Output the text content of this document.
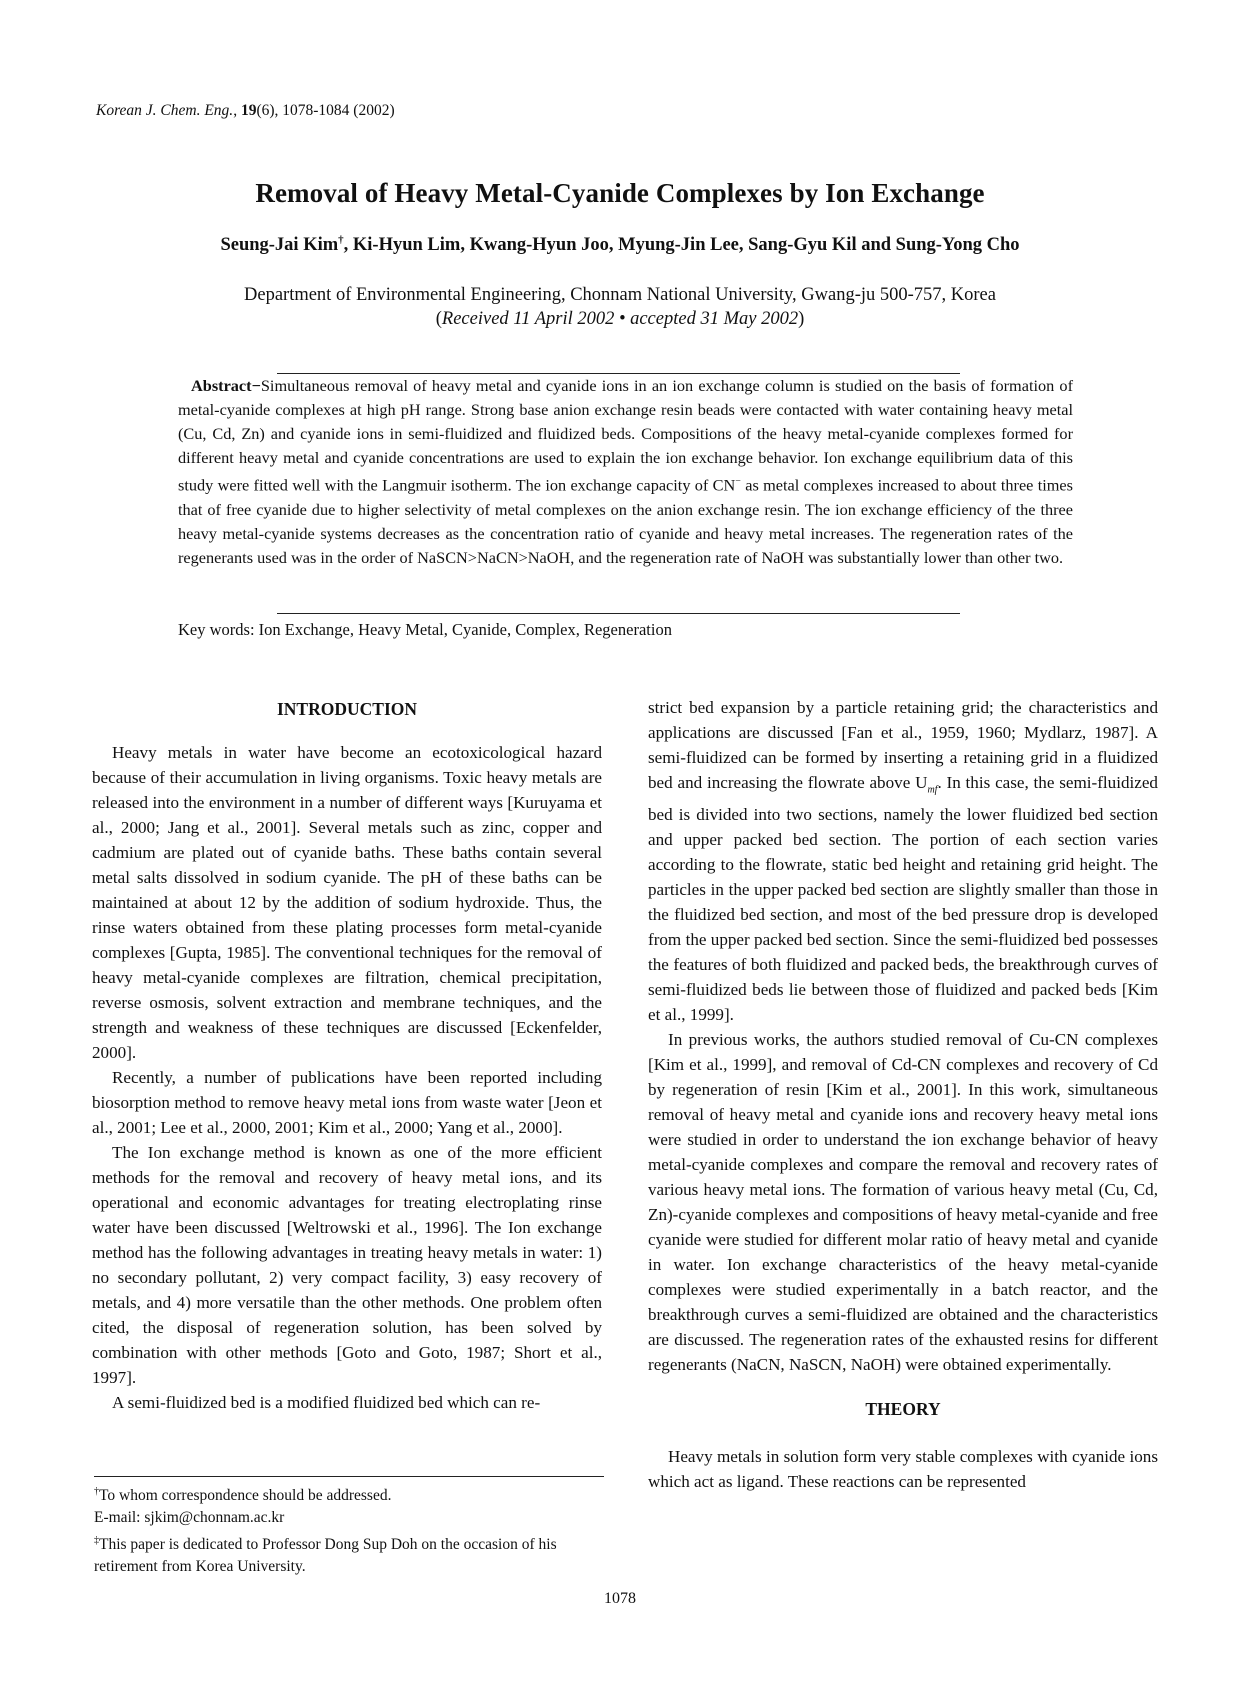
Korean J. Chem. Eng., 19(6), 1078-1084 (2002)
Removal of Heavy Metal-Cyanide Complexes by Ion Exchange
Seung-Jai Kim†, Ki-Hyun Lim, Kwang-Hyun Joo, Myung-Jin Lee, Sang-Gyu Kil and Sung-Yong Cho
Department of Environmental Engineering, Chonnam National University, Gwang-ju 500-757, Korea
(Received 11 April 2002 • accepted 31 May 2002)
Abstract−Simultaneous removal of heavy metal and cyanide ions in an ion exchange column is studied on the basis of formation of metal-cyanide complexes at high pH range. Strong base anion exchange resin beads were contacted with water containing heavy metal (Cu, Cd, Zn) and cyanide ions in semi-fluidized and fluidized beds. Compositions of the heavy metal-cyanide complexes formed for different heavy metal and cyanide concentrations are used to explain the ion exchange behavior. Ion exchange equilibrium data of this study were fitted well with the Langmuir isotherm. The ion exchange capacity of CN− as metal complexes increased to about three times that of free cyanide due to higher selectivity of metal complexes on the anion exchange resin. The ion exchange efficiency of the three heavy metal-cyanide systems decreases as the concentration ratio of cyanide and heavy metal increases. The regeneration rates of the regenerants used was in the order of NaSCN>NaCN>NaOH, and the regeneration rate of NaOH was substantially lower than other two.
Key words: Ion Exchange, Heavy Metal, Cyanide, Complex, Regeneration
INTRODUCTION

Heavy metals in water have become an ecotoxicological hazard because of their accumulation in living organisms. Toxic heavy metals are released into the environment in a number of different ways [Kuruyama et al., 2000; Jang et al., 2001]. Several metals such as zinc, copper and cadmium are plated out of cyanide baths. These baths contain several metal salts dissolved in sodium cyanide. The pH of these baths can be maintained at about 12 by the addition of sodium hydroxide. Thus, the rinse waters obtained from these plating processes form metal-cyanide complexes [Gupta, 1985]. The conventional techniques for the removal of heavy metal-cyanide complexes are filtration, chemical precipitation, reverse osmosis, solvent extraction and membrane techniques, and the strength and weakness of these techniques are discussed [Eckenfelder, 2000].

Recently, a number of publications have been reported including biosorption method to remove heavy metal ions from waste water [Jeon et al., 2001; Lee et al., 2000, 2001; Kim et al., 2000; Yang et al., 2000].

The Ion exchange method is known as one of the more efficient methods for the removal and recovery of heavy metal ions, and its operational and economic advantages for treating electroplating rinse water have been discussed [Weltrowski et al., 1996]. The Ion exchange method has the following advantages in treating heavy metals in water: 1) no secondary pollutant, 2) very compact facility, 3) easy recovery of metals, and 4) more versatile than the other methods. One problem often cited, the disposal of regeneration solution, has been solved by combination with other methods [Goto and Goto, 1987; Short et al., 1997].

A semi-fluidized bed is a modified fluidized bed which can re-

strict bed expansion by a particle retaining grid; the characteristics and applications are discussed [Fan et al., 1959, 1960; Mydlarz, 1987]. A semi-fluidized can be formed by inserting a retaining grid in a fluidized bed and increasing the flowrate above $U_{mf}$. In this case, the semi-fluidized bed is divided into two sections, namely the lower fluidized bed section and upper packed bed section. The portion of each section varies according to the flowrate, static bed height and retaining grid height. The particles in the upper packed bed section are slightly smaller than those in the fluidized bed section, and most of the bed pressure drop is developed from the upper packed bed section. Since the semi-fluidized bed possesses the features of both fluidized and packed beds, the breakthrough curves of semi-fluidized beds lie between those of fluidized and packed beds [Kim et al., 1999].

In previous works, the authors studied removal of Cu-CN complexes [Kim et al., 1999], and removal of Cd-CN complexes and recovery of Cd by regeneration of resin [Kim et al., 2001]. In this work, simultaneous removal of heavy metal and cyanide ions and recovery heavy metal ions were studied in order to understand the ion exchange behavior of heavy metal-cyanide complexes and compare the removal and recovery rates of various heavy metal ions. The formation of various heavy metal (Cu, Cd, Zn)-cyanide complexes and compositions of heavy metal-cyanide and free cyanide were studied for different molar ratio of heavy metal and cyanide in water. Ion exchange characteristics of the heavy metal-cyanide complexes were studied experimentally in a batch reactor, and the breakthrough curves a semi-fluidized are obtained and the characteristics are discussed. The regeneration rates of the exhausted resins for different regenerants (NaCN, NaSCN, NaOH) were obtained experimentally.

THEORY

Heavy metals in solution form very stable complexes with cyanide ions which act as ligand. These reactions can be represented

†To whom correspondence should be addressed.

E-mail: sjkim@chonnam.ac.kr

‡This paper is dedicated to Professor Dong Sup Doh on the occasion of his retirement from Korea University.

1078
